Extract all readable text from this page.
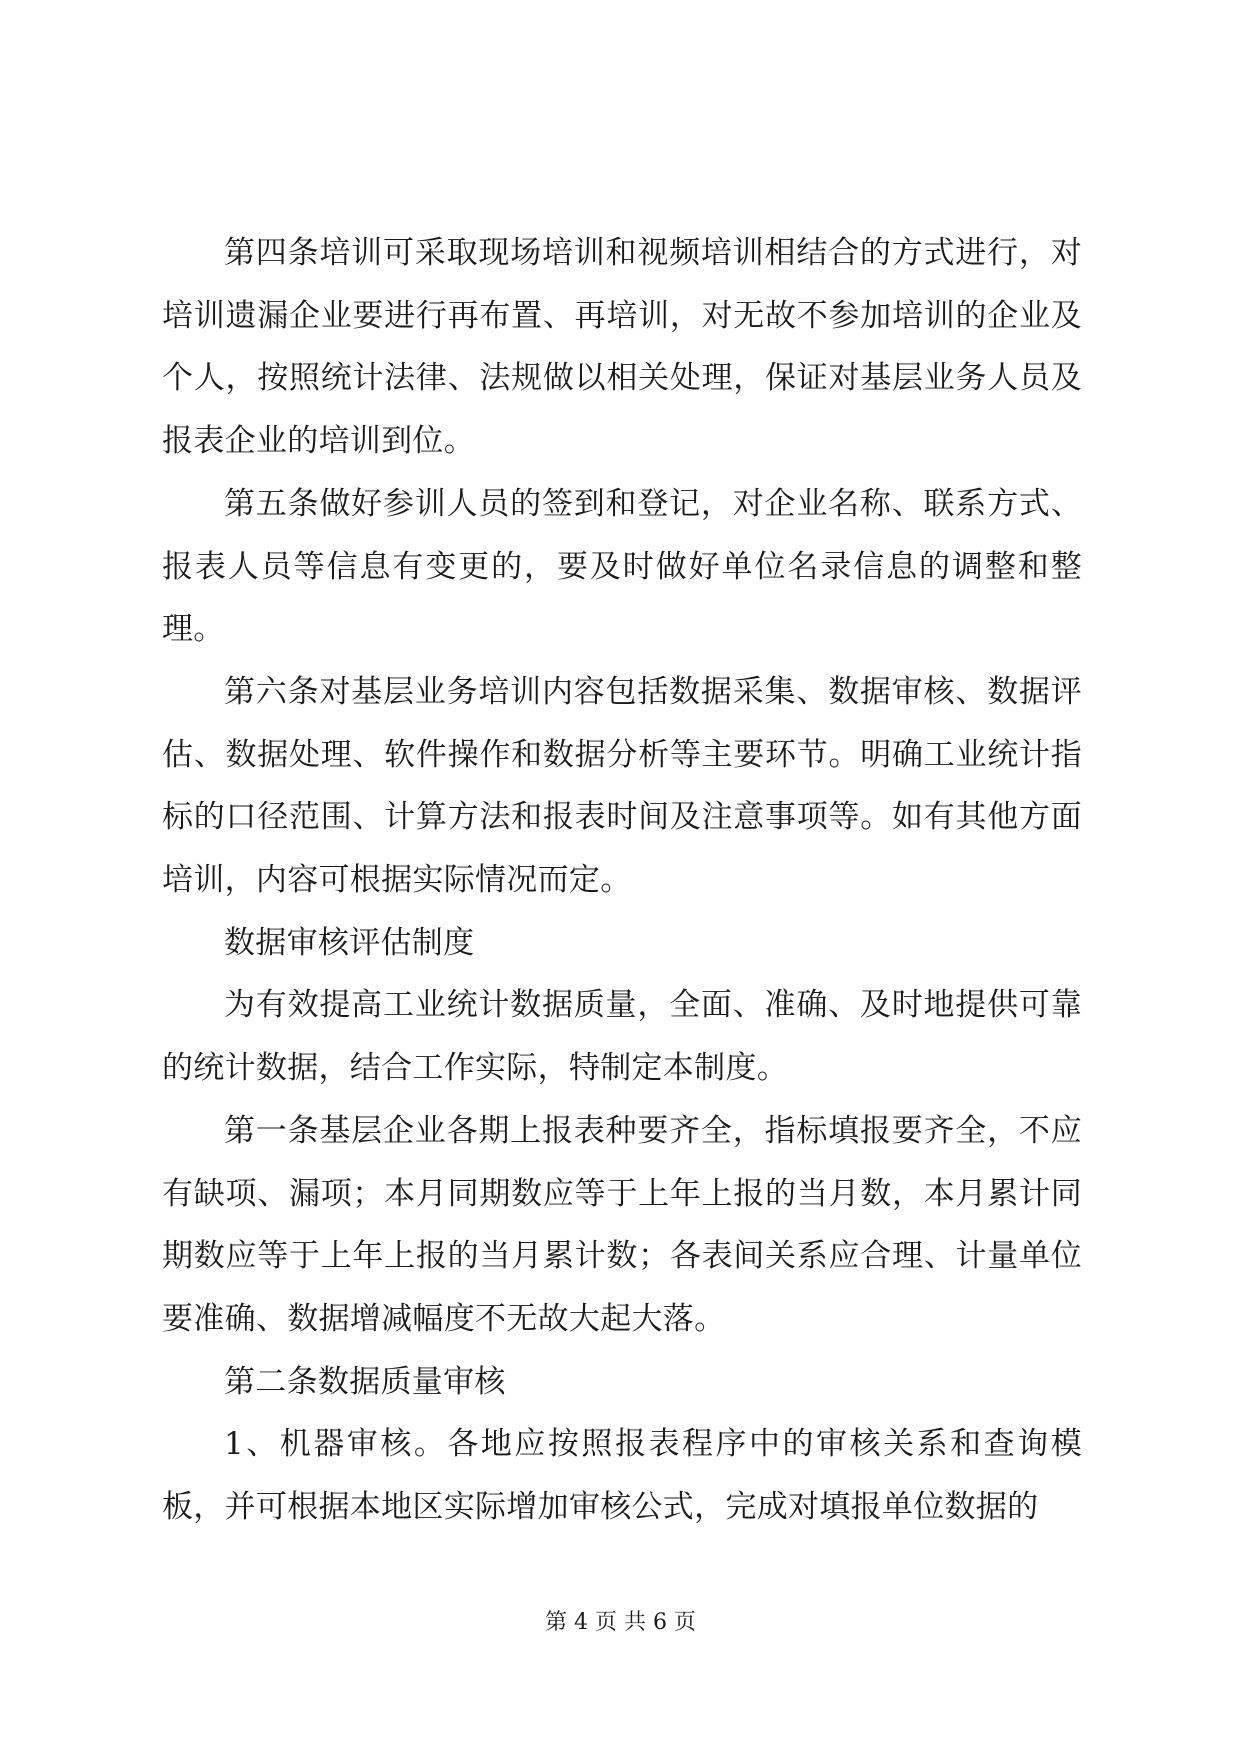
第四条培训可采取现场培训和视频培训相结合的方式进行，对培训遗漏企业要进行再布置、再培训，对无故不参加培训的企业及个人，按照统计法律、法规做以相关处理，保证对基层业务人员及报表企业的培训到位。

第五条做好参训人员的签到和登记，对企业名称、联系方式、报表人员等信息有变更的，要及时做好单位名录信息的调整和整理。

第六条对基层业务培训内容包括数据采集、数据审核、数据评估、数据处理、软件操作和数据分析等主要环节。明确工业统计指标的口径范围、计算方法和报表时间及注意事项等。如有其他方面培训，内容可根据实际情况而定。

数据审核评估制度

为有效提高工业统计数据质量，全面、准确、及时地提供可靠的统计数据，结合工作实际，特制定本制度。

第一条基层企业各期上报表种要齐全，指标填报要齐全，不应有缺项、漏项；本月同期数应等于上年上报的当月数，本月累计同期数应等于上年上报的当月累计数；各表间关系应合理、计量单位要准确、数据增减幅度不无故大起大落。

第二条数据质量审核

1、机器审核。各地应按照报表程序中的审核关系和查询模板，并可根据本地区实际增加审核公式，完成对填报单位数据的

第 4 页 共 6 页
